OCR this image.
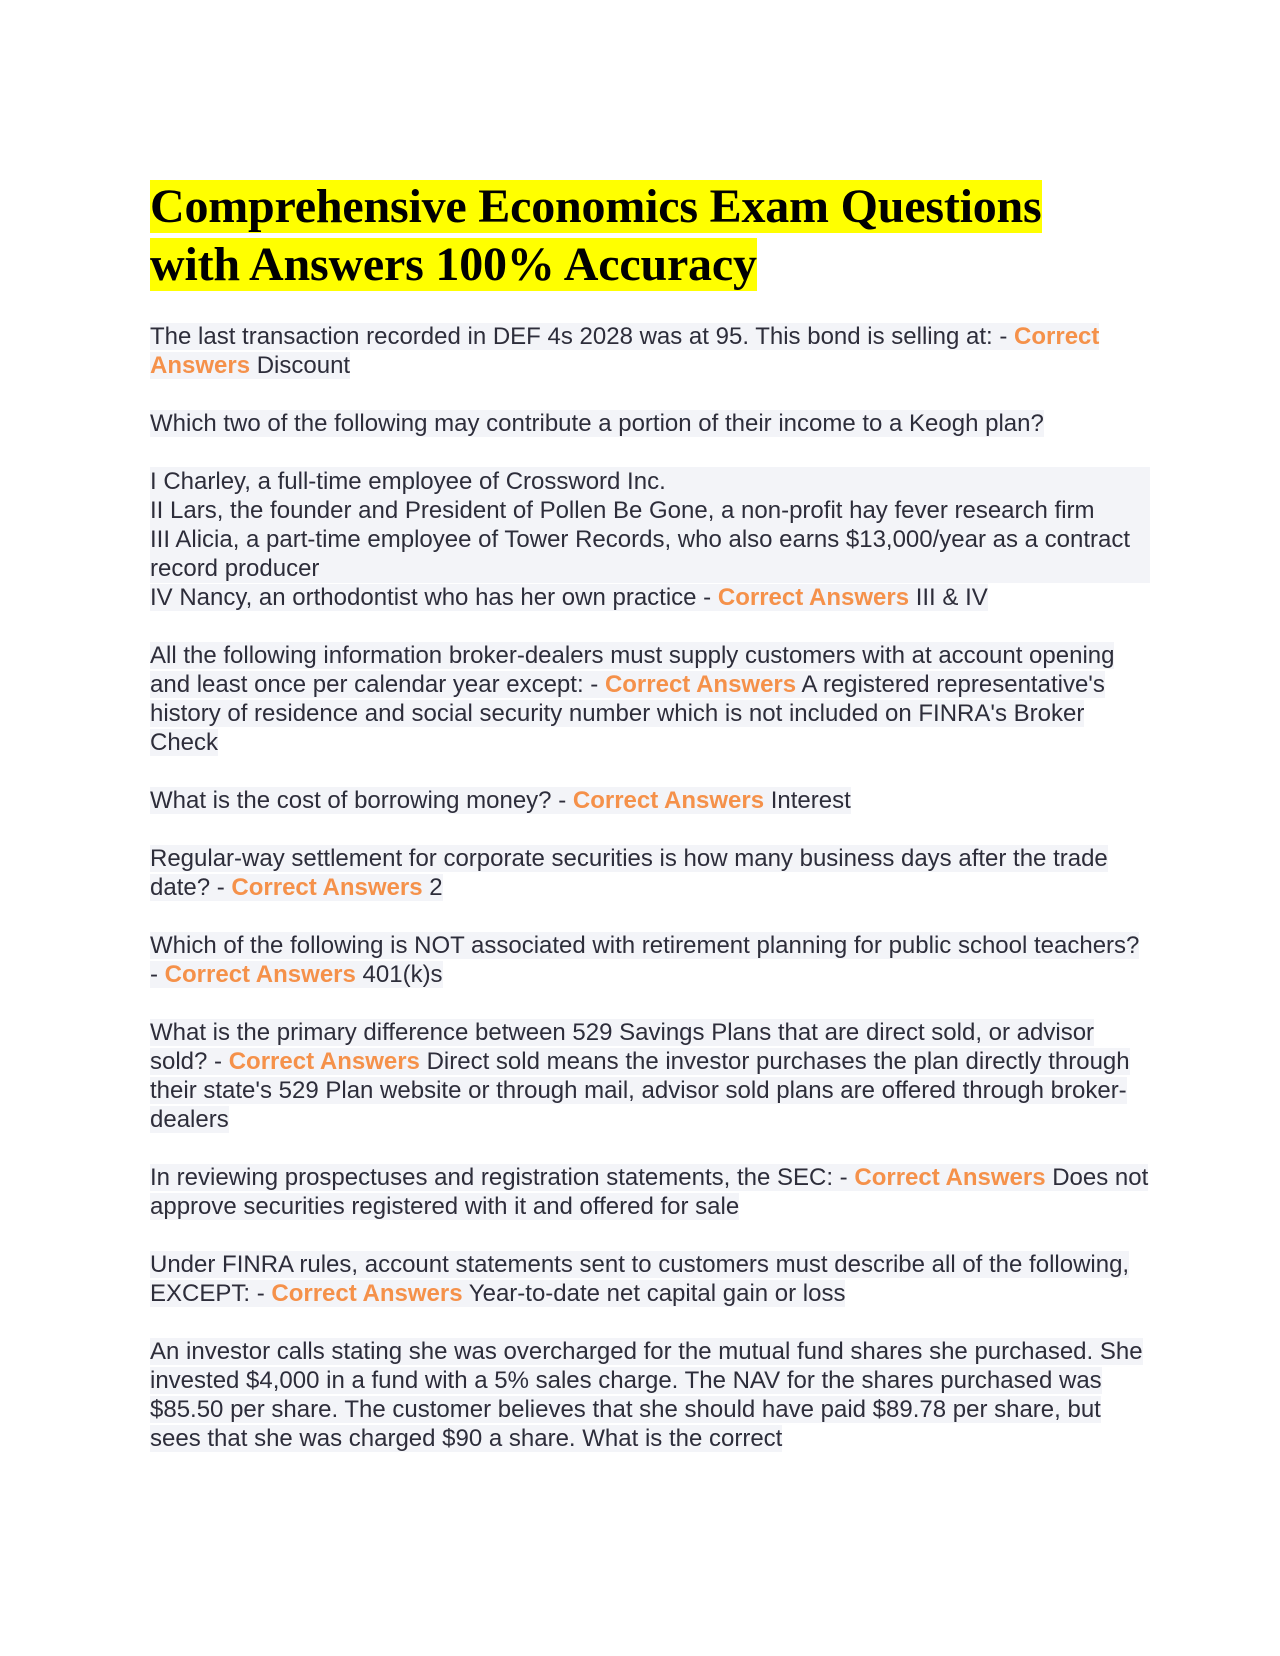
Comprehensive Economics Exam Questions
with Answers 100% Accuracy

The last transaction recorded in DEF 4s 2028 was at 95. This bond is selling at: - Correct Answers Discount

Which two of the following may contribute a portion of their income to a Keogh plan?

I Charley, a full-time employee of Crossword Inc.
II Lars, the founder and President of Pollen Be Gone, a non-profit hay fever research firm
III Alicia, a part-time employee of Tower Records, who also earns $13,000/year as a contract record producer
IV Nancy, an orthodontist who has her own practice - Correct Answers III & IV

All the following information broker-dealers must supply customers with at account opening and least once per calendar year except: - Correct Answers A registered representative's history of residence and social security number which is not included on FINRA's Broker Check

What is the cost of borrowing money? - Correct Answers Interest

Regular-way settlement for corporate securities is how many business days after the trade date? - Correct Answers 2

Which of the following is NOT associated with retirement planning for public school teachers? - Correct Answers 401(k)s

What is the primary difference between 529 Savings Plans that are direct sold, or advisor sold? - Correct Answers Direct sold means the investor purchases the plan directly through their state's 529 Plan website or through mail, advisor sold plans are offered through broker-dealers

In reviewing prospectuses and registration statements, the SEC: - Correct Answers Does not approve securities registered with it and offered for sale

Under FINRA rules, account statements sent to customers must describe all of the following, EXCEPT: - Correct Answers Year-to-date net capital gain or loss

An investor calls stating she was overcharged for the mutual fund shares she purchased. She invested $4,000 in a fund with a 5% sales charge. The NAV for the shares purchased was $85.50 per share. The customer believes that she should have paid $89.78 per share, but sees that she was charged $90 a share. What is the correct
